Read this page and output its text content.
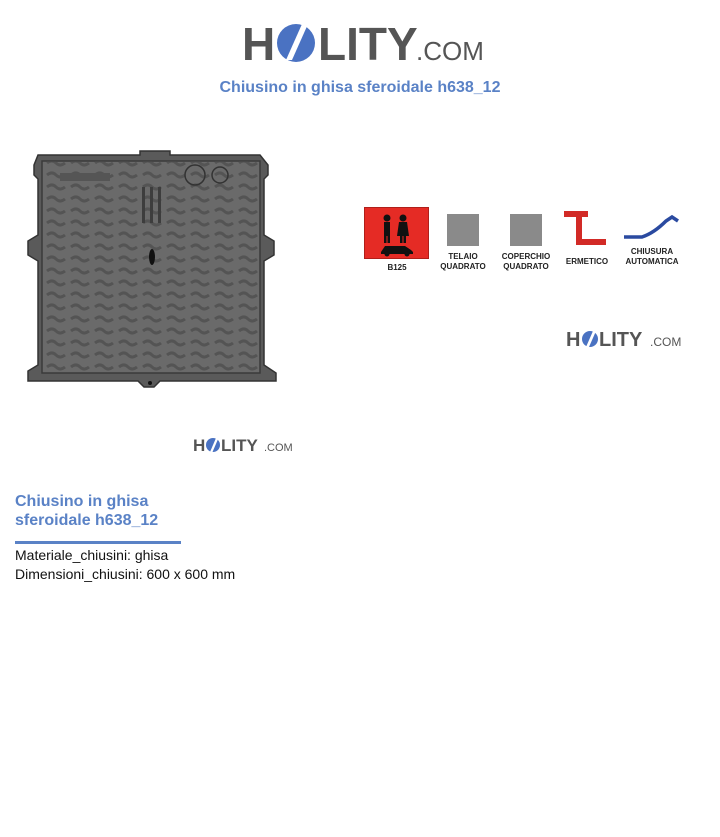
H LITY
.COM
Chiusino in ghisa sferoidale h638_12
B125
TELAIO
QUADRATO
COPERCHIO
QUADRATO
ERMETICO
CHIUSURA
AUTOMATICA
H LITY .COM
H LITY .COM
Chiusino in ghisa
sferoidale h638_12
Materiale_chiusini: ghisa
Dimensioni_chiusini: 600 x 600 mm
